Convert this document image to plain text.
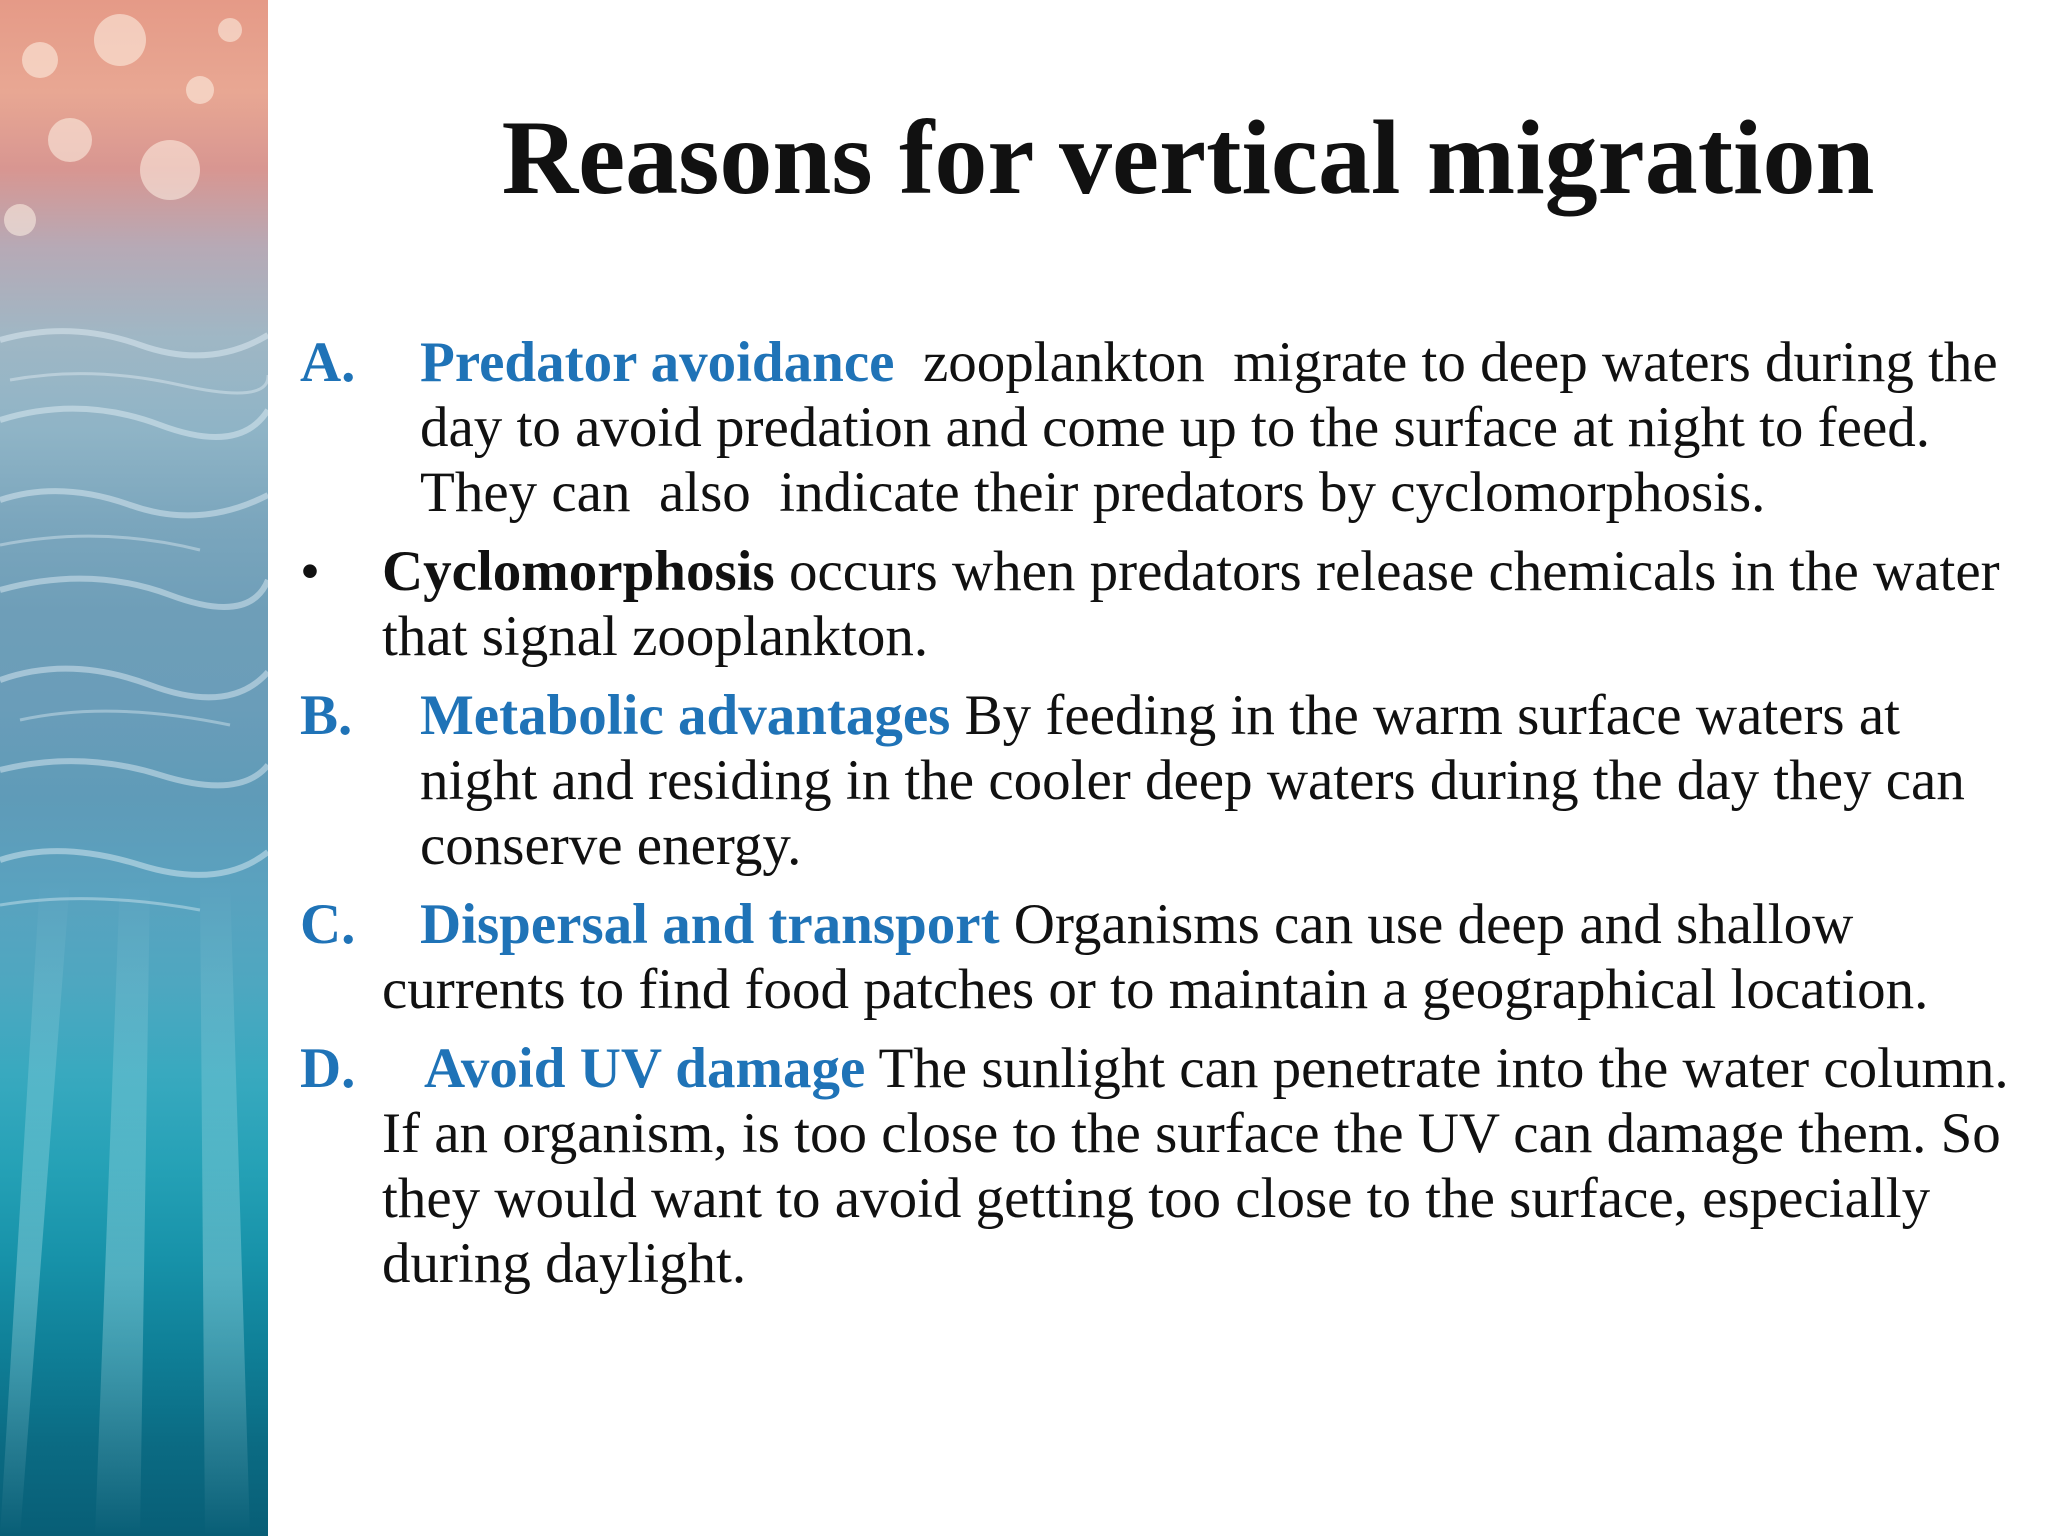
Reasons for vertical migration
A. Predator avoidance  zooplankton  migrate to deep waters during the day to avoid predation and come up to the surface at night to feed. They can  also  indicate their predators by cyclomorphosis.
• Cyclomorphosis occurs when predators release chemicals in the water that signal zooplankton.
B. Metabolic advantages By feeding in the warm surface waters at night and residing in the cooler deep waters during the day they can conserve energy.
C. Dispersal and transport Organisms can use deep and shallow currents to find food patches or to maintain a geographical location.
D. Avoid UV damage The sunlight can penetrate into the water column. If an organism, is too close to the surface the UV can damage them. So they would want to avoid getting too close to the surface, especially during daylight.
